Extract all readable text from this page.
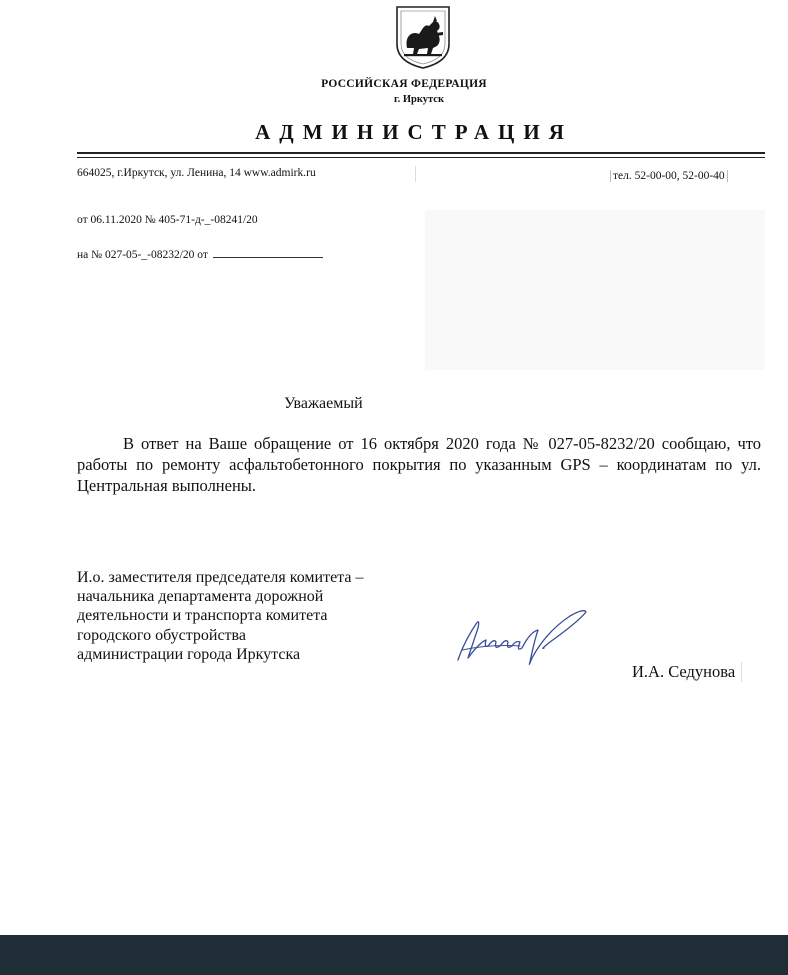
РОССИЙСКАЯ ФЕДЕРАЦИЯ
г. Иркутск
АДМИНИСТРАЦИЯ
664025, г.Иркутск, ул. Ленина, 14 www.admirk.ru	тел. 52-00-00, 52-00-40
от 06.11.2020 № 405-71-д-_-08241/20
на № 027-05-_-08232/20 от
Уважаемый
В ответ на Ваше обращение от 16 октября 2020 года № 027-05-8232/20 сообщаю, что работы по ремонту асфальтобетонного покрытия по указанным GPS – координатам по ул. Центральная выполнены.
И.о. заместителя председателя комитета –
начальника департамента дорожной
деятельности и транспорта комитета
городского обустройства
администрации города Иркутска
И.А. Седунова
